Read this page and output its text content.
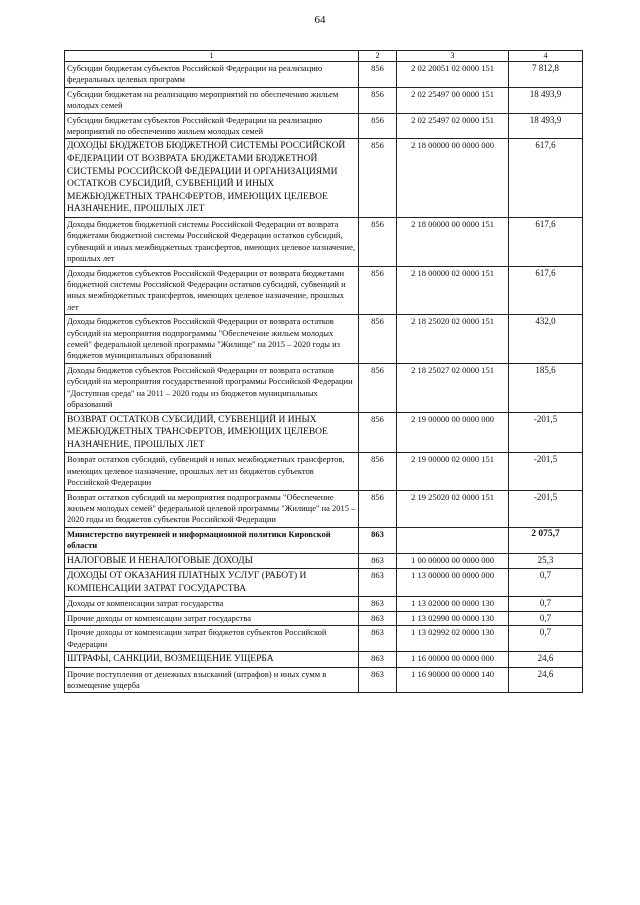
64
1	2	3	4
Субсидии бюджетам субъектов Российской Федерации на реализацию федеральных целевых программ	856	2 02 20051 02 0000 151	7 812,8
Субсидии бюджетам на реализацию мероприятий по обеспечению жильем молодых семей	856	2 02 25497 00 0000 151	18 493,9
Субсидии бюджетам субъектов Российской Федерации на реализацию мероприятий по обеспечению жильем молодых семей	856	2 02 25497 02 0000 151	18 493,9
ДОХОДЫ БЮДЖЕТОВ БЮДЖЕТНОЙ СИСТЕМЫ РОССИЙСКОЙ ФЕДЕРАЦИИ ОТ ВОЗВРАТА БЮДЖЕТАМИ БЮДЖЕТНОЙ СИСТЕМЫ РОССИЙСКОЙ ФЕДЕРАЦИИ И ОРГАНИЗАЦИЯМИ ОСТАТКОВ СУБСИДИЙ, СУБВЕНЦИЙ И ИНЫХ МЕЖБЮДЖЕТНЫХ ТРАНСФЕРТОВ, ИМЕЮЩИХ ЦЕЛЕВОЕ НАЗНАЧЕНИЕ, ПРОШЛЫХ ЛЕТ	856	2 18 00000 00 0000 000	617,6
Доходы бюджетов бюджетной системы Российской Федерации от возврата бюджетами бюджетной системы Российской Федерации остатков субсидий, субвенций и иных межбюджетных трансфертов, имеющих целевое назначение, прошлых лет	856	2 18 00000 00 0000 151	617,6
Доходы бюджетов субъектов Российской Федерации от возврата бюджетами бюджетной системы Российской Федерации остатков субсидий, субвенций и иных межбюджетных трансфертов, имеющих целевое назначение, прошлых лет	856	2 18 00000 02 0000 151	617,6
Доходы бюджетов субъектов Российской Федерации от возврата остатков субсидий на мероприятия подпрограммы "Обеспечение жильем молодых семей" федеральной целевой программы "Жилище" на 2015 – 2020 годы из бюджетов муниципальных образований	856	2 18 25020 02 0000 151	432,0
Доходы бюджетов субъектов Российской Федерации от возврата остатков субсидий на мероприятия государственной программы Российской Федерации "Доступная среда" на 2011 – 2020 годы из бюджетов муниципальных образований	856	2 18 25027 02 0000 151	185,6
ВОЗВРАТ ОСТАТКОВ СУБСИДИЙ, СУБВЕНЦИЙ И ИНЫХ МЕЖБЮДЖЕТНЫХ ТРАНСФЕРТОВ, ИМЕЮЩИХ ЦЕЛЕВОЕ НАЗНАЧЕНИЕ, ПРОШЛЫХ ЛЕТ	856	2 19 00000 00 0000 000	-201,5
Возврат остатков субсидий, субвенций и иных межбюджетных трансфертов, имеющих целевое назначение, прошлых лет из бюджетов субъектов Российской Федерации	856	2 19 00000 02 0000 151	-201,5
Возврат остатков субсидий на мероприятия подпрограммы "Обеспечение жильем молодых семей" федеральной целевой программы "Жилище" на 2015 – 2020 годы из бюджетов субъектов Российской Федерации	856	2 19 25020 02 0000 151	-201,5
Министерство внутренней и информационной политики Кировской области	863		2 075,7
НАЛОГОВЫЕ И НЕНАЛОГОВЫЕ ДОХОДЫ	863	1 00 00000 00 0000 000	25,3
ДОХОДЫ ОТ ОКАЗАНИЯ ПЛАТНЫХ УСЛУГ (РАБОТ) И КОМПЕНСАЦИИ ЗАТРАТ ГОСУДАРСТВА	863	1 13 00000 00 0000 000	0,7
Доходы от компенсации затрат государства	863	1 13 02000 00 0000 130	0,7
Прочие доходы от компенсации затрат государства	863	1 13 02990 00 0000 130	0,7
Прочие доходы от компенсации затрат бюджетов субъектов Российской Федерации	863	1 13 02992 02 0000 130	0,7
ШТРАФЫ, САНКЦИИ, ВОЗМЕЩЕНИЕ УЩЕРБА	863	1 16 00000 00 0000 000	24,6
Прочие поступления от денежных взысканий (штрафов) и иных сумм в возмещение ущерба	863	1 16 90000 00 0000 140	24,6
